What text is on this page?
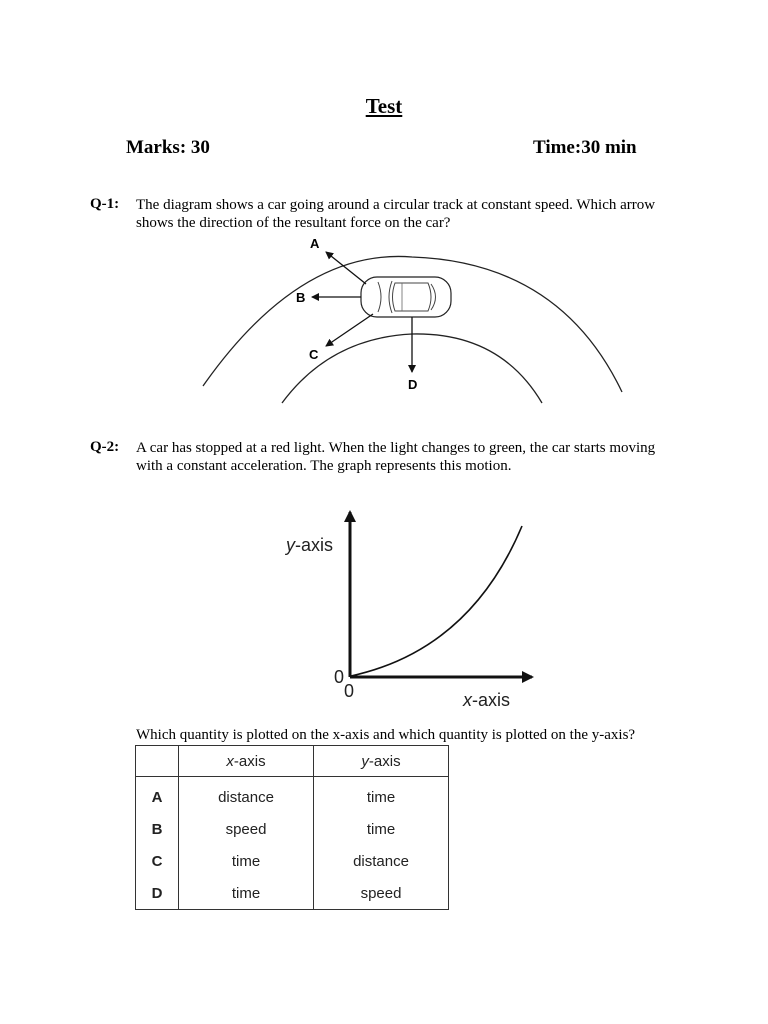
Test
Marks: 30	Time:30 min
Q-1: The diagram shows a car going around a circular track at constant speed. Which arrow
shows the direction of the resultant force on the car?
A
B
C
D
Q-2: A car has stopped at a red light. When the light changes to green, the car starts moving
with a constant acceleration. The graph represents this motion.
y-axis
0
0	x-axis
Which quantity is plotted on the x-axis and which quantity is plotted on the y-axis?
	x-axis	y-axis
A	distance	time
B	speed	time
C	time	distance
D	time	speed
